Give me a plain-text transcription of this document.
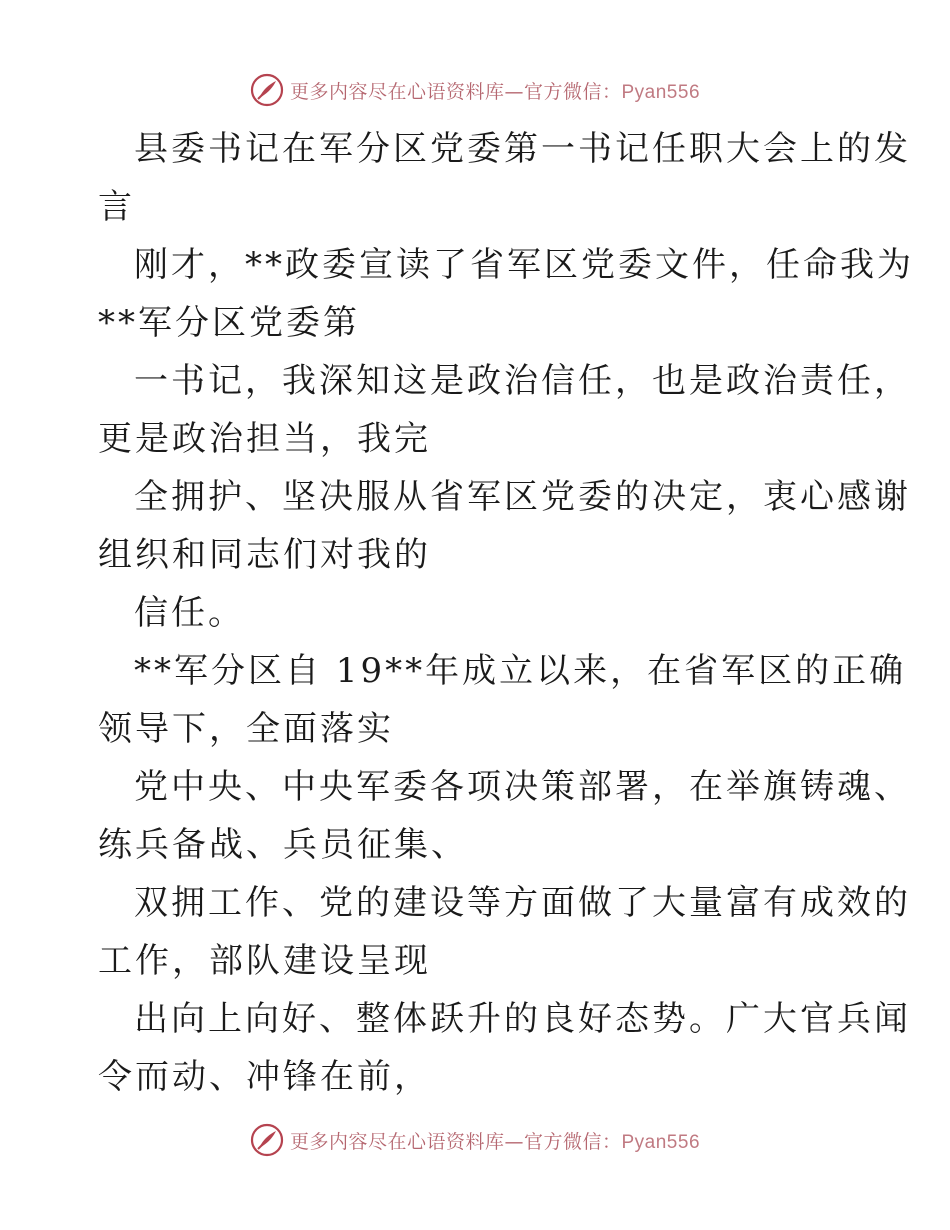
更多内容尽在心语资料库—官方微信：Pyan556
县委书记在军分区党委第一书记任职大会上的发
言
刚才，**政委宣读了省军区党委文件，任命我为
**军分区党委第
一书记，我深知这是政治信任，也是政治责任，
更是政治担当，我完
全拥护、坚决服从省军区党委的决定，衷心感谢
组织和同志们对我的
信任。
**军分区自 19**年成立以来，在省军区的正确
领导下，全面落实
党中央、中央军委各项决策部署，在举旗铸魂、
练兵备战、兵员征集、
双拥工作、党的建设等方面做了大量富有成效的
工作，部队建设呈现
出向上向好、整体跃升的良好态势。广大官兵闻
令而动、冲锋在前，
更多内容尽在心语资料库—官方微信：Pyan556
